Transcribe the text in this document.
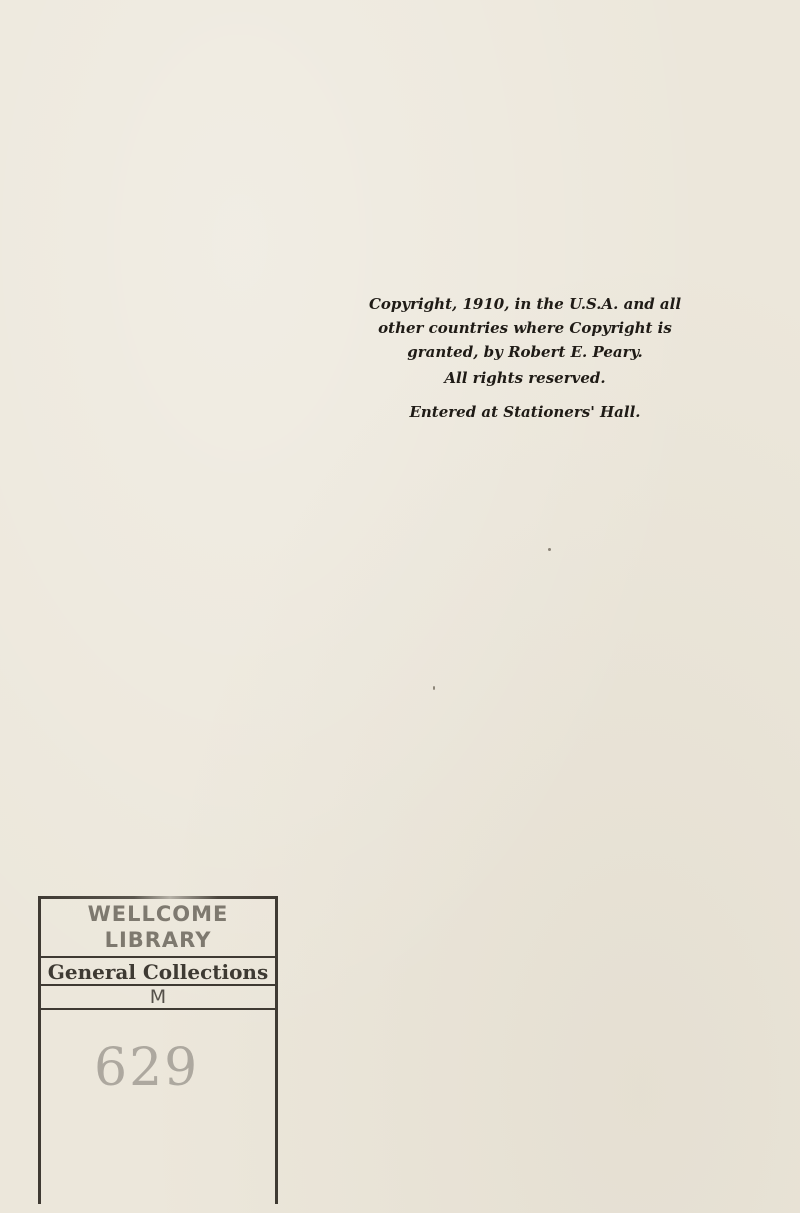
Copyright, 1910, in the U.S.A. and all
other countries where Copyright is
granted, by Robert E. Peary.
All rights reserved.
Entered at Stationers' Hall.
WELLCOME
LIBRARY
General Collections
M
629
